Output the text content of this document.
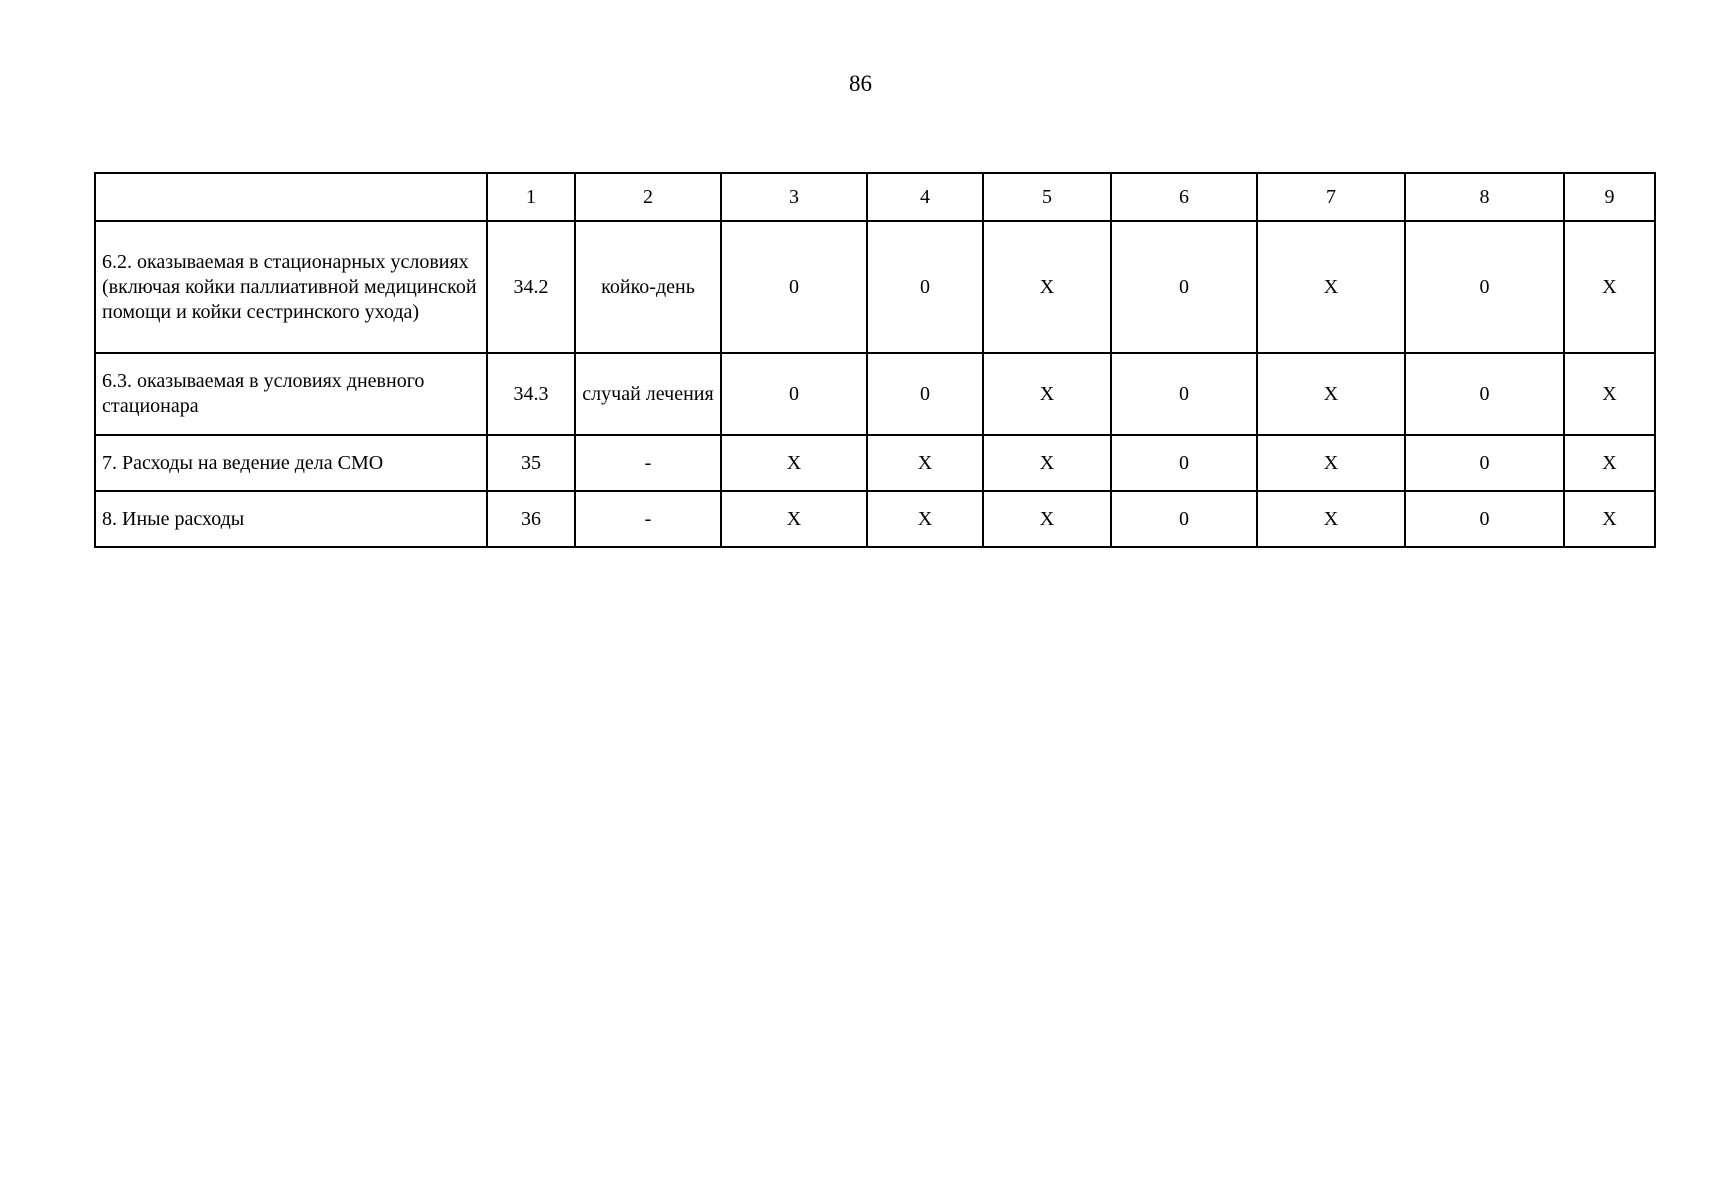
86
	1	2	3	4	5	6	7	8	9
6.2. оказываемая в стационарных условиях (включая койки паллиативной медицинской помощи и койки сестринского ухода)	34.2	койко-день	0	0	X	0	X	0	X
6.3. оказываемая в условиях дневного стационара	34.3	случай лечения	0	0	X	0	X	0	X
7. Расходы на ведение дела СМО	35	-	X	X	X	0	X	0	X
8. Иные расходы	36	-	X	X	X	0	X	0	X
